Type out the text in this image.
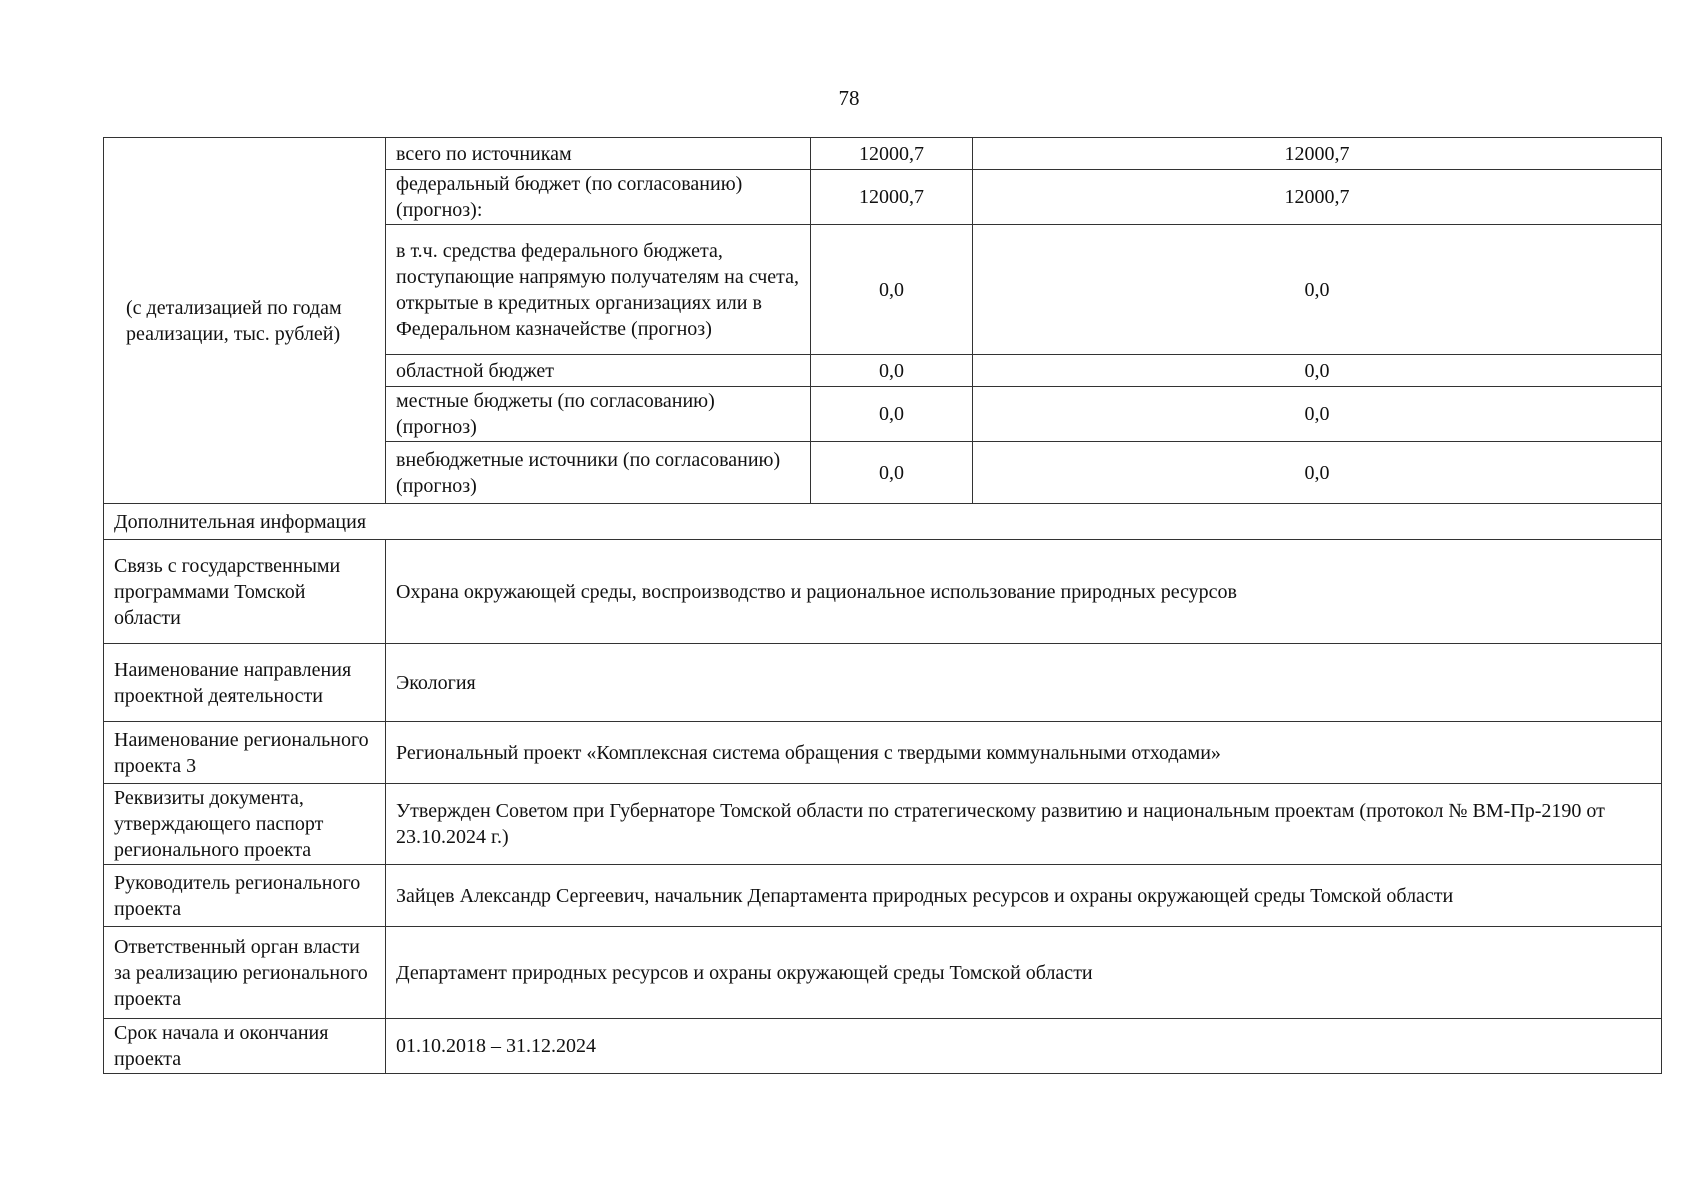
78
(с детализацией по годам реализации, тыс. рублей)	всего по источникам	12000,7	12000,7
	федеральный бюджет (по согласованию) (прогноз):	12000,7	12000,7
	в т.ч. средства федерального бюджета, поступающие напрямую получателям на счета, открытые в кредитных организациях или в Федеральном казначействе (прогноз)	0,0	0,0
	областной бюджет	0,0	0,0
	местные бюджеты (по согласованию) (прогноз)	0,0	0,0
	внебюджетные источники (по согласованию) (прогноз)	0,0	0,0
Дополнительная информация			
Связь с государственными программами Томской области	Охрана окружающей среды, воспроизводство и рациональное использование природных ресурсов		
Наименование направления проектной деятельности	Экология		
Наименование регионального проекта 3	Региональный проект «Комплексная система обращения с твердыми коммунальными отходами»		
Реквизиты документа, утверждающего паспорт регионального проекта	Утвержден Советом при Губернаторе Томской области по стратегическому развитию и национальным проектам (протокол № ВМ-Пр-2190 от 23.10.2024 г.)		
Руководитель регионального проекта	Зайцев Александр Сергеевич, начальник Департамента природных ресурсов и охраны окружающей среды Томской области		
Ответственный орган власти за реализацию регионального проекта	Департамент природных ресурсов и охраны окружающей среды Томской области		
Срок начала и окончания проекта	01.10.2018 – 31.12.2024		
